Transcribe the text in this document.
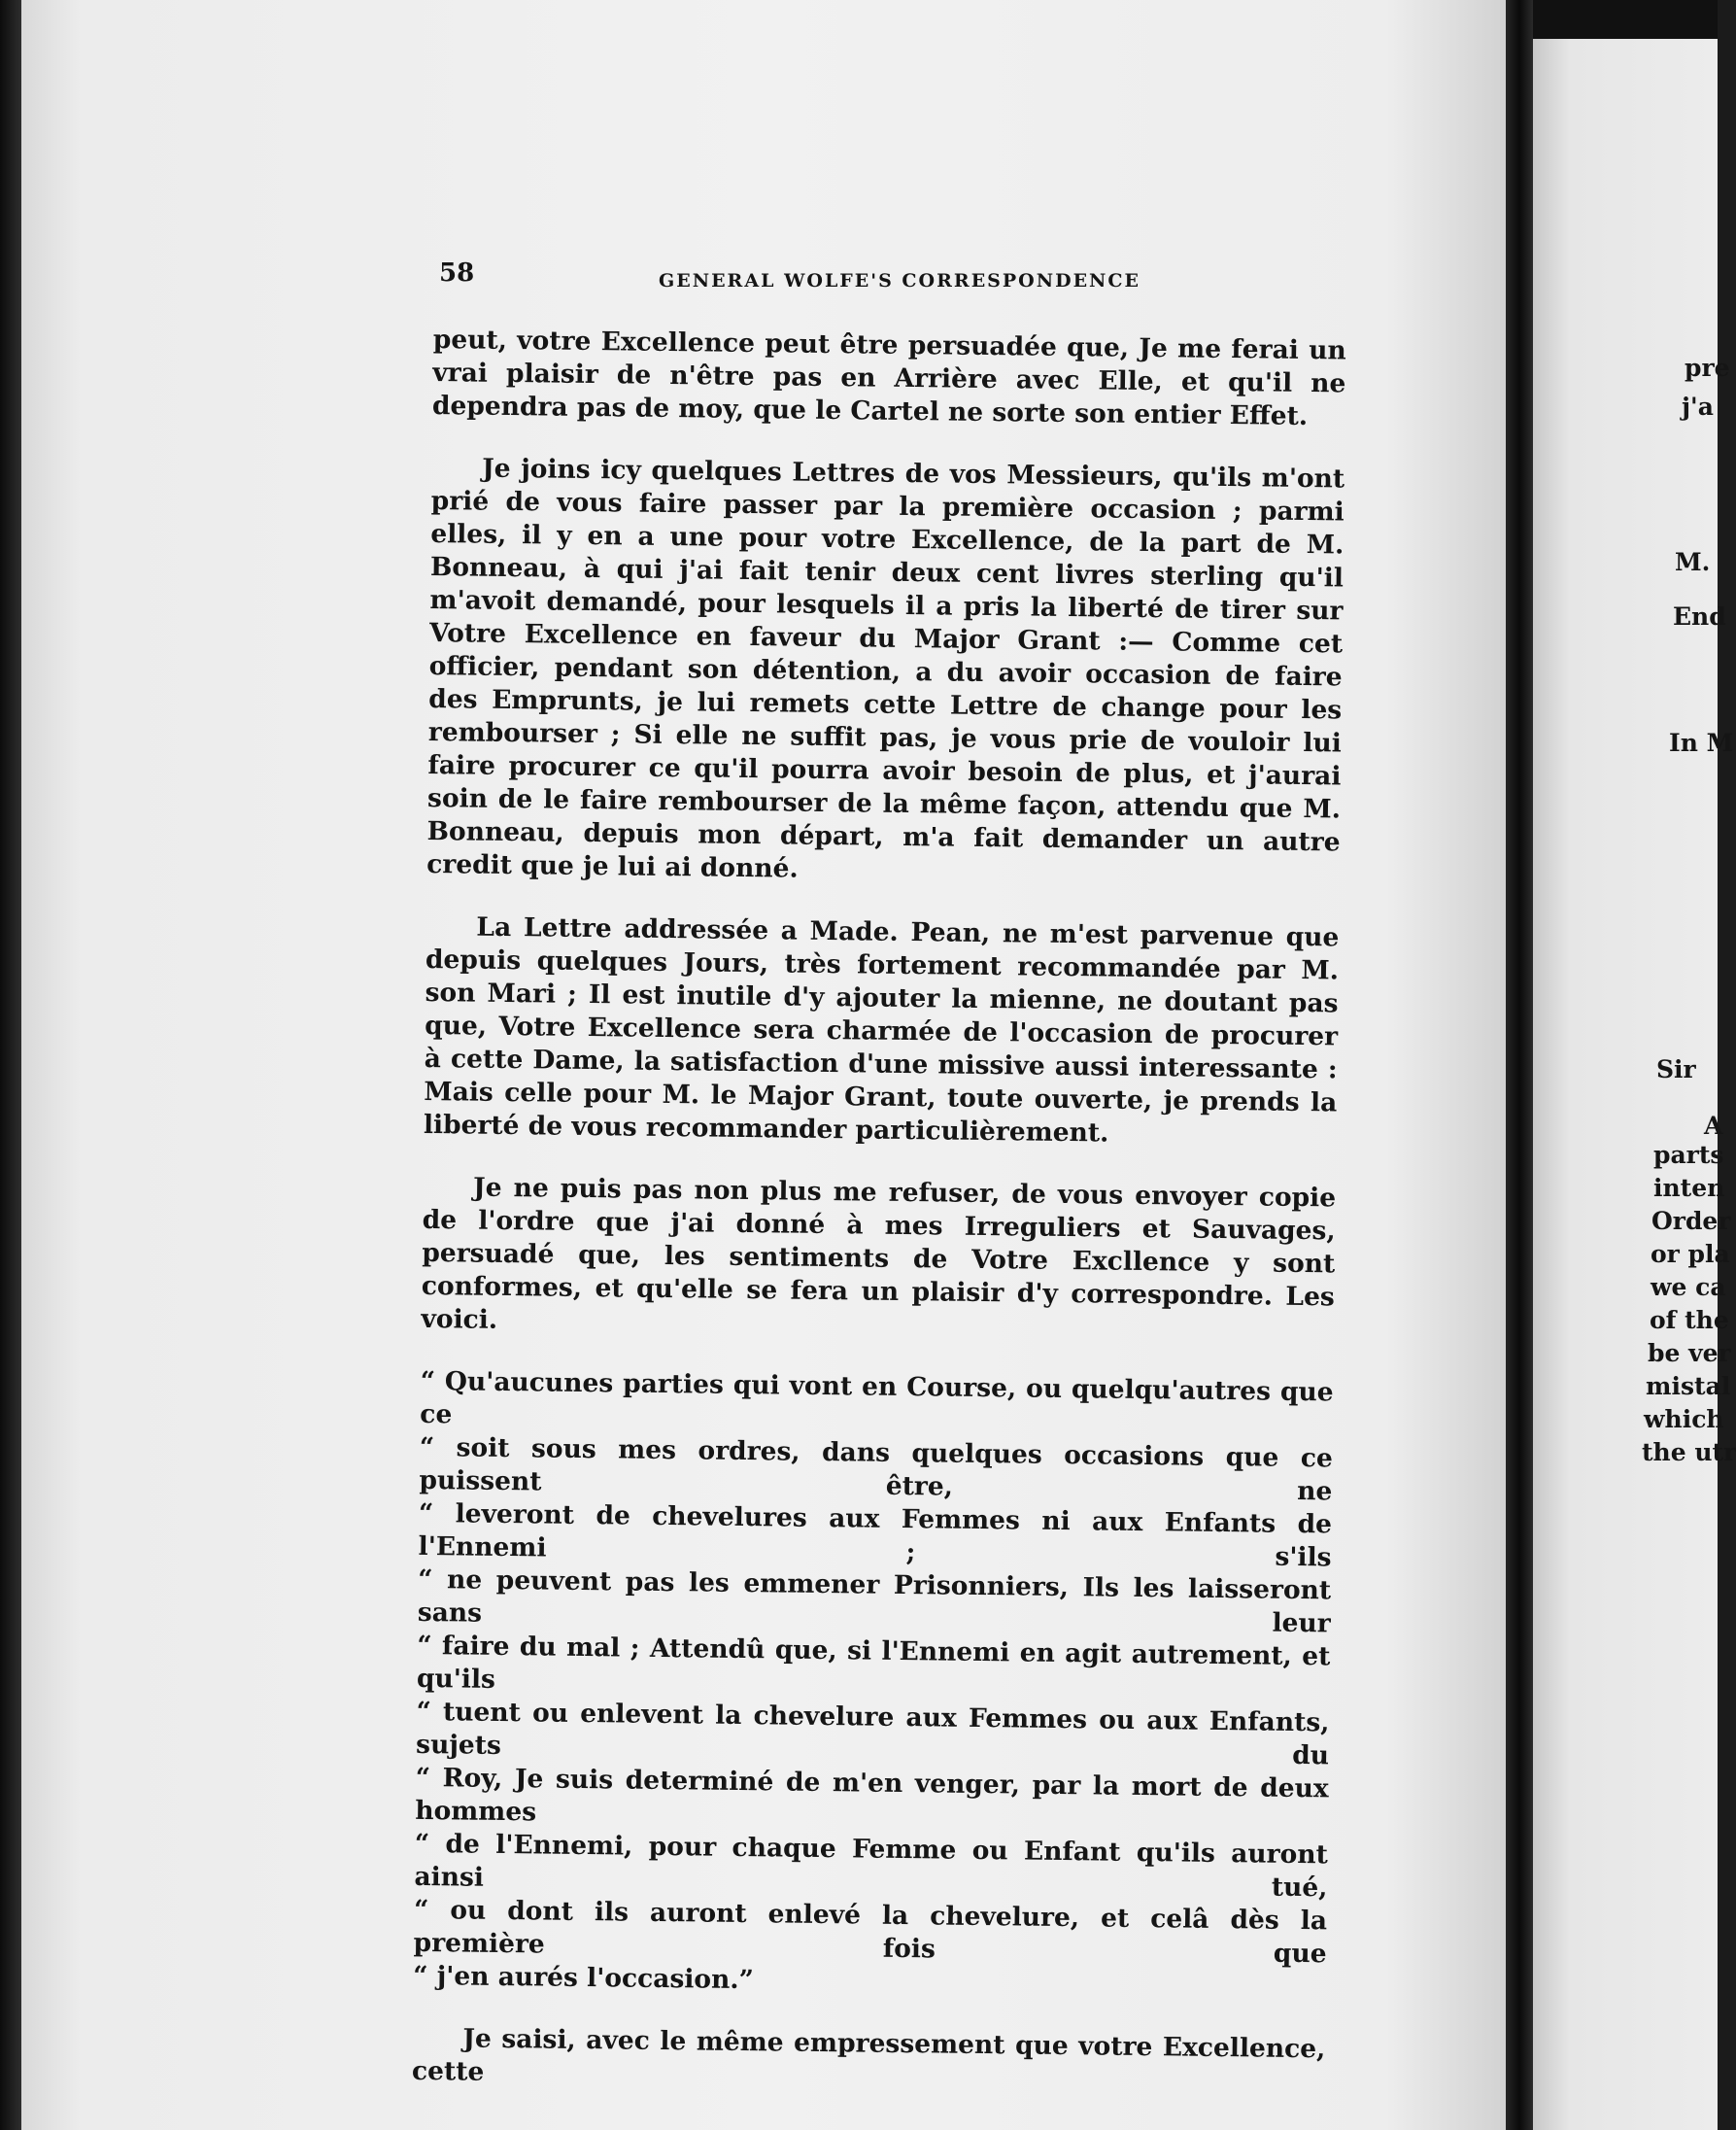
58	GENERAL WOLFE'S CORRESPONDENCE

peut, votre Excellence peut être persuadée que, Je me ferai un vrai plaisir de n'être pas en Arrière avec Elle, et qu'il ne dependra pas de moy, que le Cartel ne sorte son entier Effet.

Je joins icy quelques Lettres de vos Messieurs, qu'ils m'ont prié de vous faire passer par la première occasion ; parmi elles, il y en a une pour votre Excellence, de la part de M. Bonneau, à qui j'ai fait tenir deux cent livres sterling qu'il m'avoit demandé, pour lesquels il a pris la liberté de tirer sur Votre Excellence en faveur du Major Grant :— Comme cet officier, pendant son détention, a du avoir occasion de faire des Emprunts, je lui remets cette Lettre de change pour les rembourser ; Si elle ne suffit pas, je vous prie de vouloir lui faire procurer ce qu'il pourra avoir besoin de plus, et j'aurai soin de le faire rembourser de la même façon, attendu que M. Bonneau, depuis mon départ, m'a fait demander un autre credit que je lui ai donné.

La Lettre addressée a Made. Pean, ne m'est parvenue que depuis quelques Jours, très fortement recommandée par M. son Mari ; Il est inutile d'y ajouter la mienne, ne doutant pas que, Votre Excellence sera charmée de l'occasion de procurer à cette Dame, la satisfaction d'une missive aussi interessante : Mais celle pour M. le Major Grant, toute ouverte, je prends la liberté de vous recommander particulièrement.

Je ne puis pas non plus me refuser, de vous envoyer copie de l'ordre que j'ai donné à mes Irreguliers et Sauvages, persuadé que, les sentiments de Votre Excllence y sont conformes, et qu'elle se fera un plaisir d'y correspondre. Les voici.

“ Qu'aucunes parties qui vont en Course, ou quelqu'autres que ce
“ soit sous mes ordres, dans quelques occasions que ce puissent être, ne
“ leveront de chevelures aux Femmes ni aux Enfants de l'Ennemi ; s'ils
“ ne peuvent pas les emmener Prisonniers, Ils les laisseront sans leur
“ faire du mal ; Attendû que, si l'Ennemi en agit autrement, et qu'ils
“ tuent ou enlevent la chevelure aux Femmes ou aux Enfants, sujets du
“ Roy, Je suis determiné de m'en venger, par la mort de deux hommes
“ de l'Ennemi, pour chaque Femme ou Enfant qu'ils auront ainsi tué,
“ ou dont ils auront enlevé la chevelure, et celâ dès la première fois que
“ j'en aurés l'occasion.”

Je saisi, avec le même empressement que votre Excellence, cette

pre
j'a
M.
End
In M
Sir
A
parts
inten
Order
or pla
we ca
of the
be ver
mistal
which
the utr
